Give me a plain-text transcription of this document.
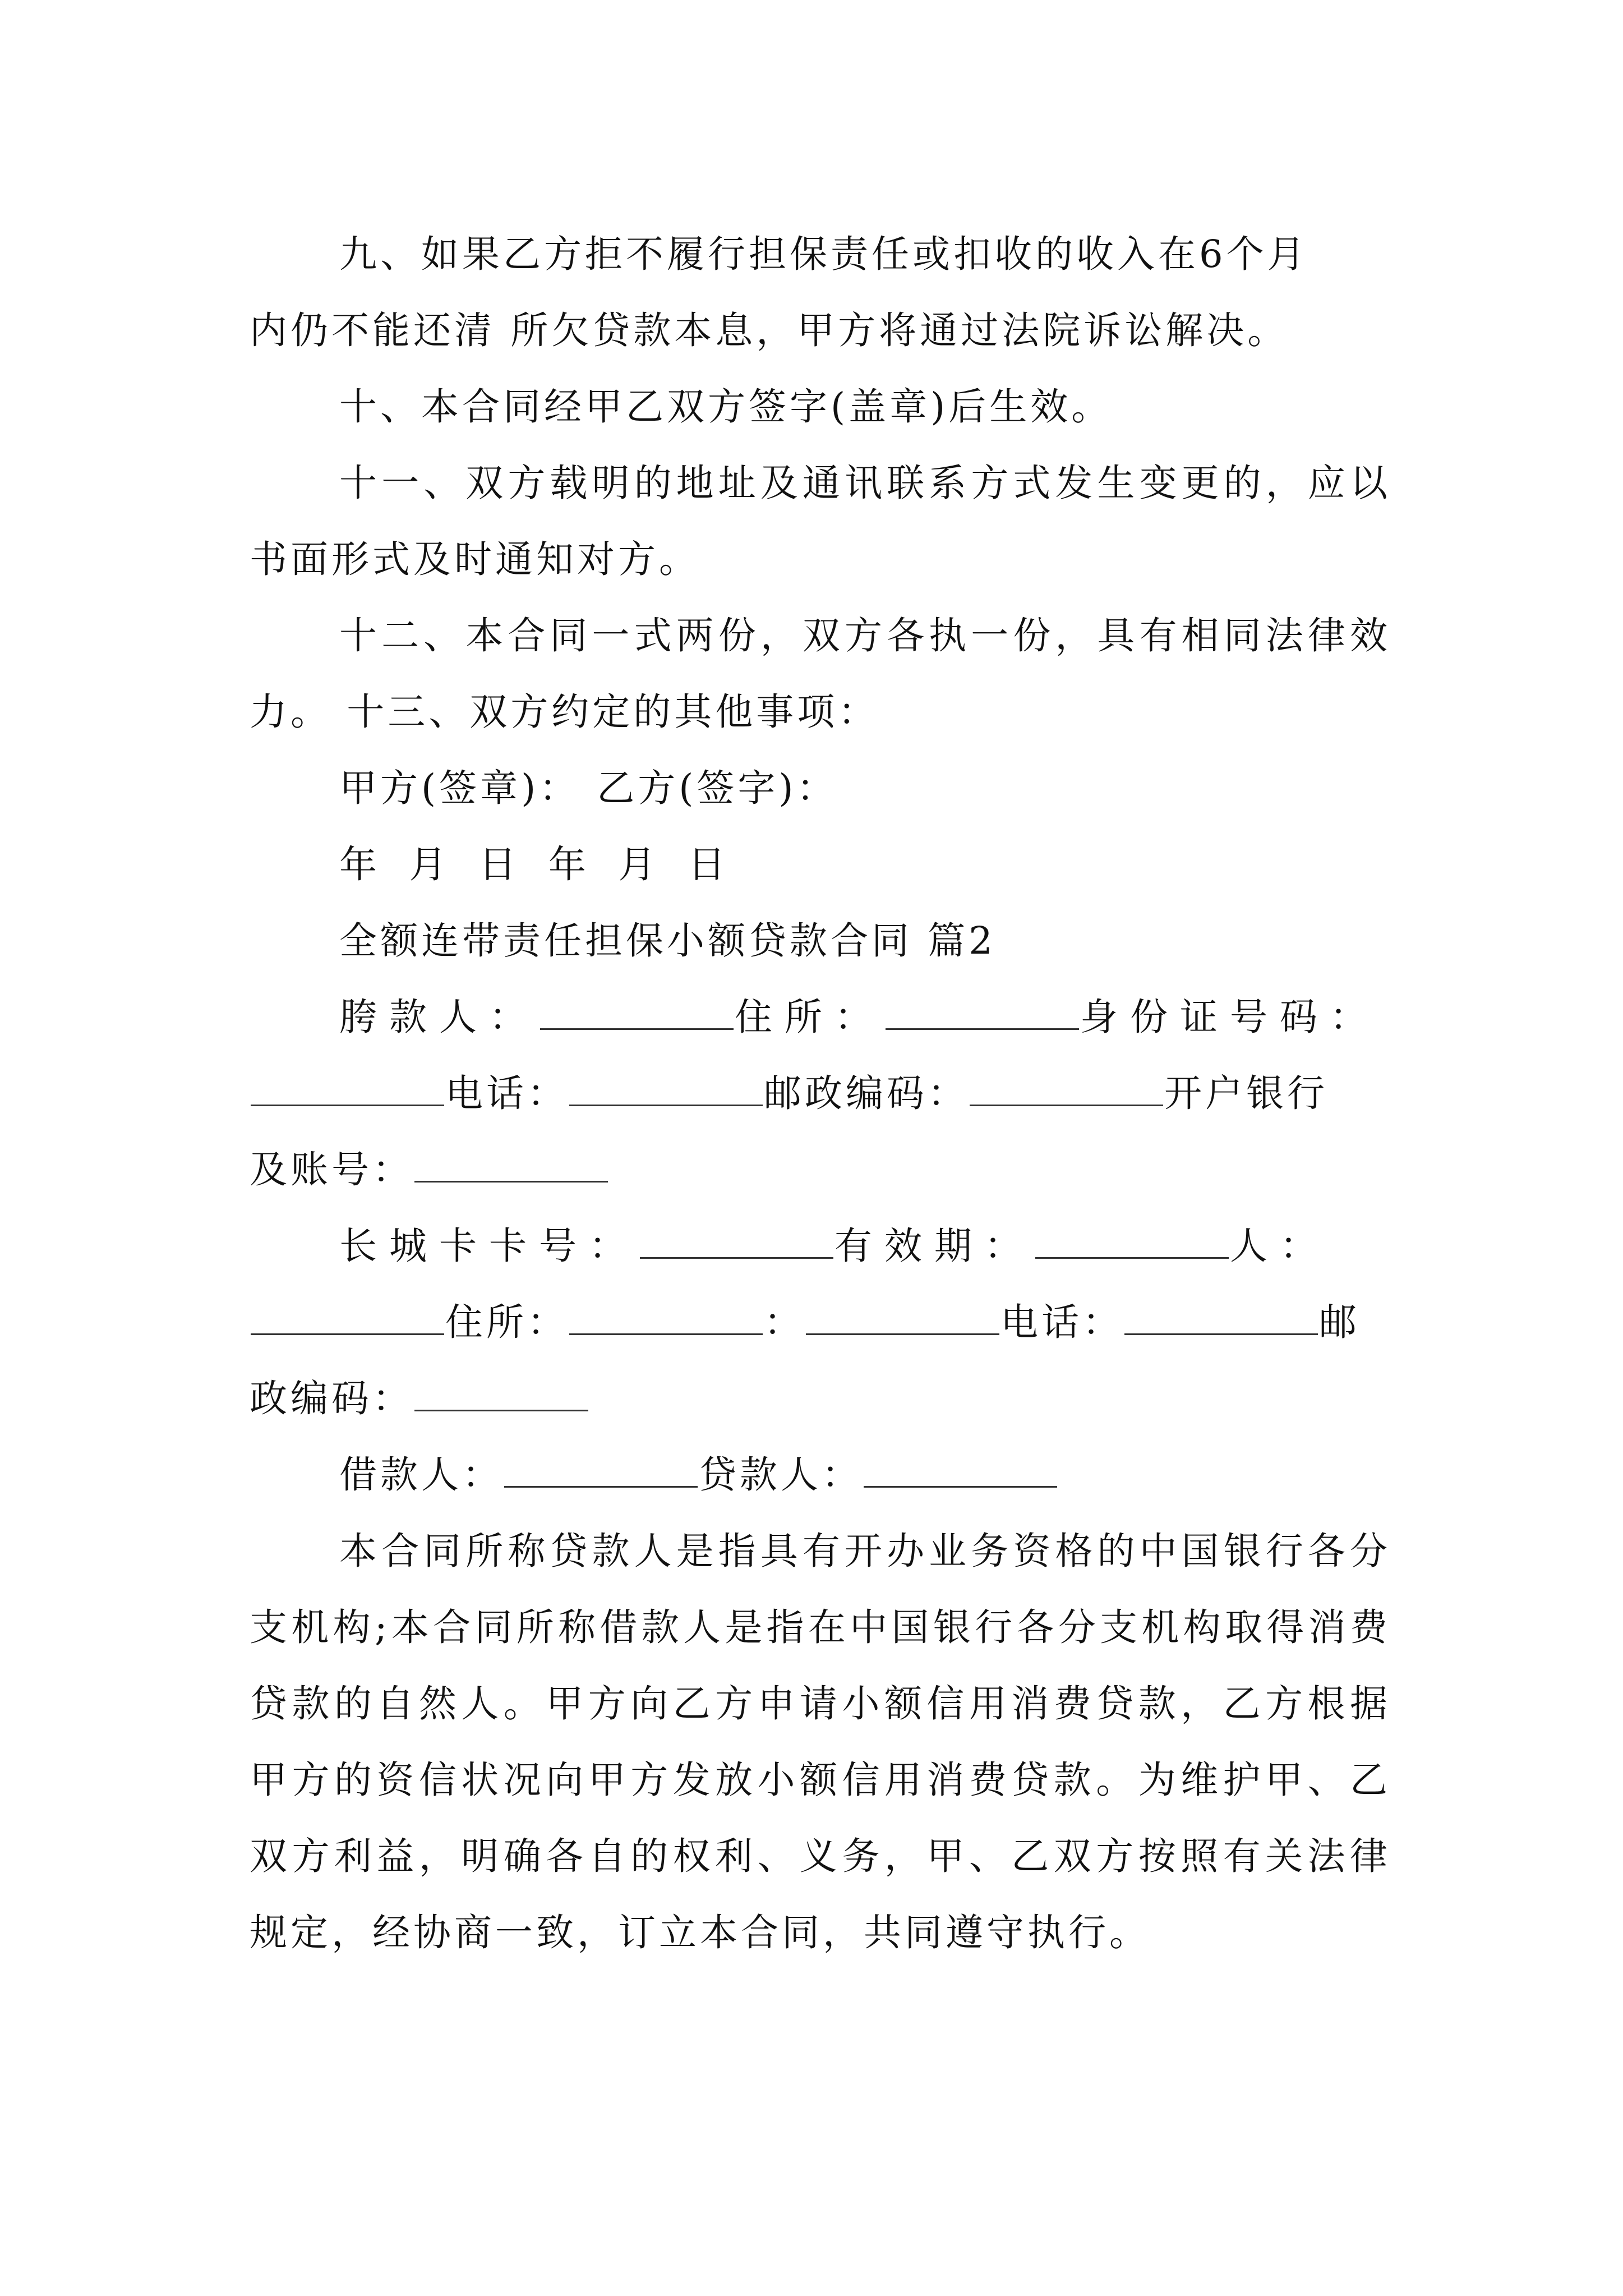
九、如果乙方拒不履行担保责任或扣收的收入在6个月
内仍不能还清 所欠贷款本息，甲方将通过法院诉讼解决。

十、本合同经甲乙双方签字(盖章)后生效。

十一、双方载明的地址及通讯联系方式发生变更的，应以书面形式及时通知对方。

十二、本合同一式两份，双方各执一份，具有相同法律效力。 十三、双方约定的其他事项：

甲方(签章)： 乙方(签字)：

年 月 日 年 月 日

全额连带责任担保小额贷款合同 篇2

胯款人：	住所：	身份证号码：
电话：	邮政编码：	开户银行
及账号：

长城卡卡号：	有效期：	人：
住所：	：	电话：	邮
政编码：

借款人：	贷款人：

本合同所称贷款人是指具有开办业务资格的中国银行各分支机构;本合同所称借款人是指在中国银行各分支机构取得消费贷款的自然人。甲方向乙方申请小额信用消费贷款，乙方根据甲方的资信状况向甲方发放小额信用消费贷款。为维护甲、乙双方利益，明确各自的权利、义务，甲、乙双方按照有关法律规定，经协商一致，订立本合同，共同遵守执行。
